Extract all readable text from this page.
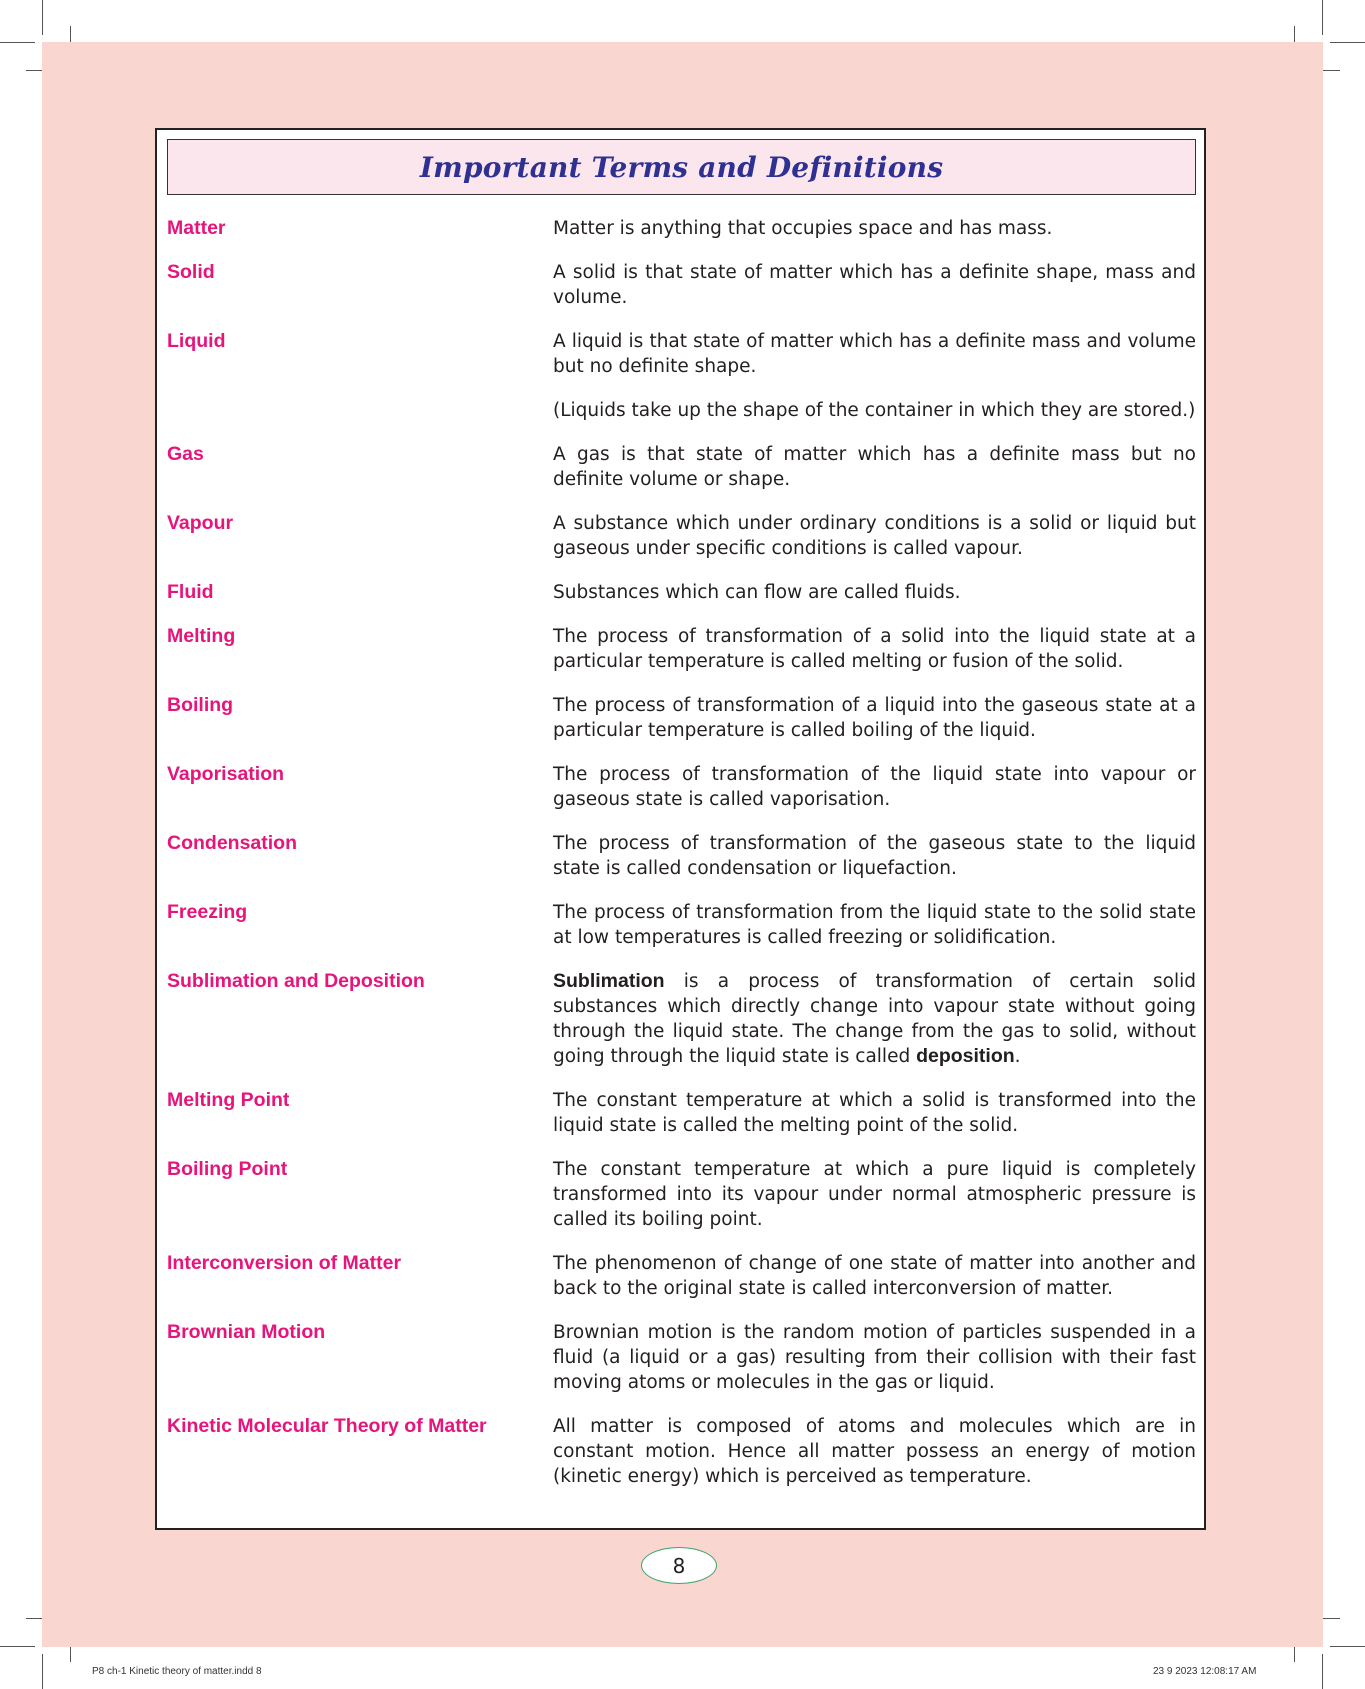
Important Terms and Definitions
Matter	Matter is anything that occupies space and has mass.
Solid	A solid is that state of matter which has a definite shape, mass and volume.
Liquid	A liquid is that state of matter which has a definite mass and volume but no definite shape.
(Liquids take up the shape of the container in which they are stored.)
Gas	A gas is that state of matter which has a definite mass but no definite volume or shape.
Vapour	A substance which under ordinary conditions is a solid or liquid but gaseous under specific conditions is called vapour.
Fluid	Substances which can flow are called fluids.
Melting	The process of transformation of a solid into the liquid state at a particular temperature is called melting or fusion of the solid.
Boiling	The process of transformation of a liquid into the gaseous state at a particular temperature is called boiling of the liquid.
Vaporisation	The process of transformation of the liquid state into vapour or gaseous state is called vaporisation.
Condensation	The process of transformation of the gaseous state to the liquid state is called condensation or liquefaction.
Freezing	The process of transformation from the liquid state to the solid state at low temperatures is called freezing or solidification.
Sublimation and Deposition	Sublimation is a process of transformation of certain solid substances which directly change into vapour state without going through the liquid state. The change from the gas to solid, without going through the liquid state is called deposition.
Melting Point	The constant temperature at which a solid is transformed into the liquid state is called the melting point of the solid.
Boiling Point	The constant temperature at which a pure liquid is completely transformed into its vapour under normal atmospheric pressure is called its boiling point.
Interconversion of Matter	The phenomenon of change of one state of matter into another and back to the original state is called interconversion of matter.
Brownian Motion	Brownian motion is the random motion of particles suspended in a fluid (a liquid or a gas) resulting from their collision with their fast moving atoms or molecules in the gas or liquid.
Kinetic Molecular Theory of Matter	All matter is composed of atoms and molecules which are in constant motion. Hence all matter possess an energy of motion (kinetic energy) which is perceived as temperature.
8
P8 ch-1 Kinetic theory of matter.indd 8	23 9 2023 12:08:17 AM
